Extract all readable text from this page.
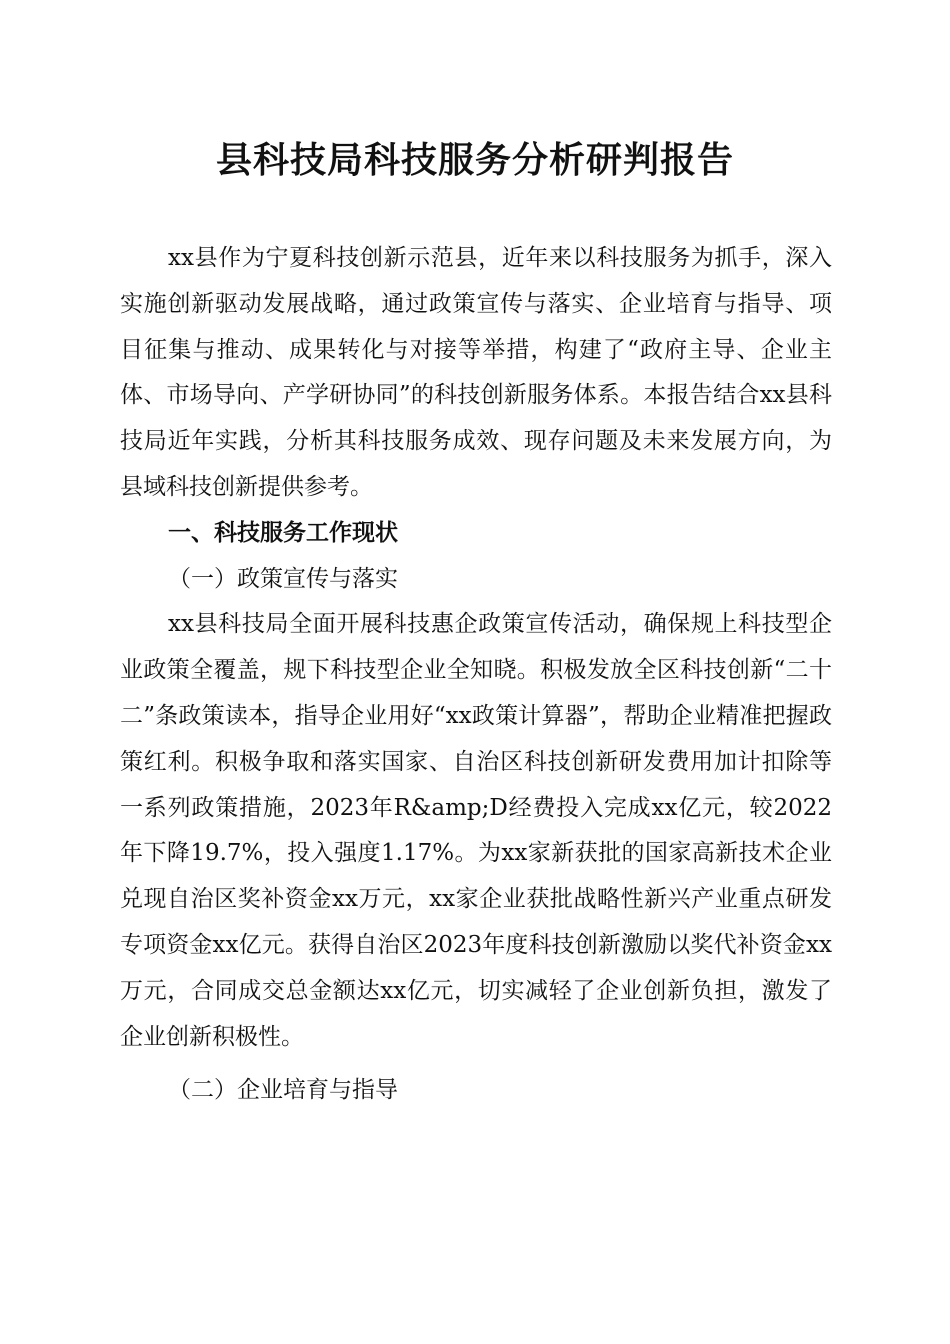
县科技局科技服务分析研判报告

xx县作为宁夏科技创新示范县，近年来以科技服务为抓手，深入实施创新驱动发展战略，通过政策宣传与落实、企业培育与指导、项目征集与推动、成果转化与对接等举措，构建了“政府主导、企业主体、市场导向、产学研协同”的科技创新服务体系。本报告结合xx县科技局近年实践，分析其科技服务成效、现存问题及未来发展方向，为县域科技创新提供参考。

一、科技服务工作现状

（一）政策宣传与落实

xx县科技局全面开展科技惠企政策宣传活动，确保规上科技型企业政策全覆盖，规下科技型企业全知晓。积极发放全区科技创新“二十二”条政策读本，指导企业用好“xx政策计算器”，帮助企业精准把握政策红利。积极争取和落实国家、自治区科技创新研发费用加计扣除等一系列政策措施，2023年R&amp;D经费投入完成xx亿元，较2022年下降19.7%，投入强度1.17%。为xx家新获批的国家高新技术企业兑现自治区奖补资金xx万元，xx家企业获批战略性新兴产业重点研发专项资金xx亿元。获得自治区2023年度科技创新激励以奖代补资金xx万元，合同成交总金额达xx亿元，切实减轻了企业创新负担，激发了企业创新积极性。

（二）企业培育与指导
